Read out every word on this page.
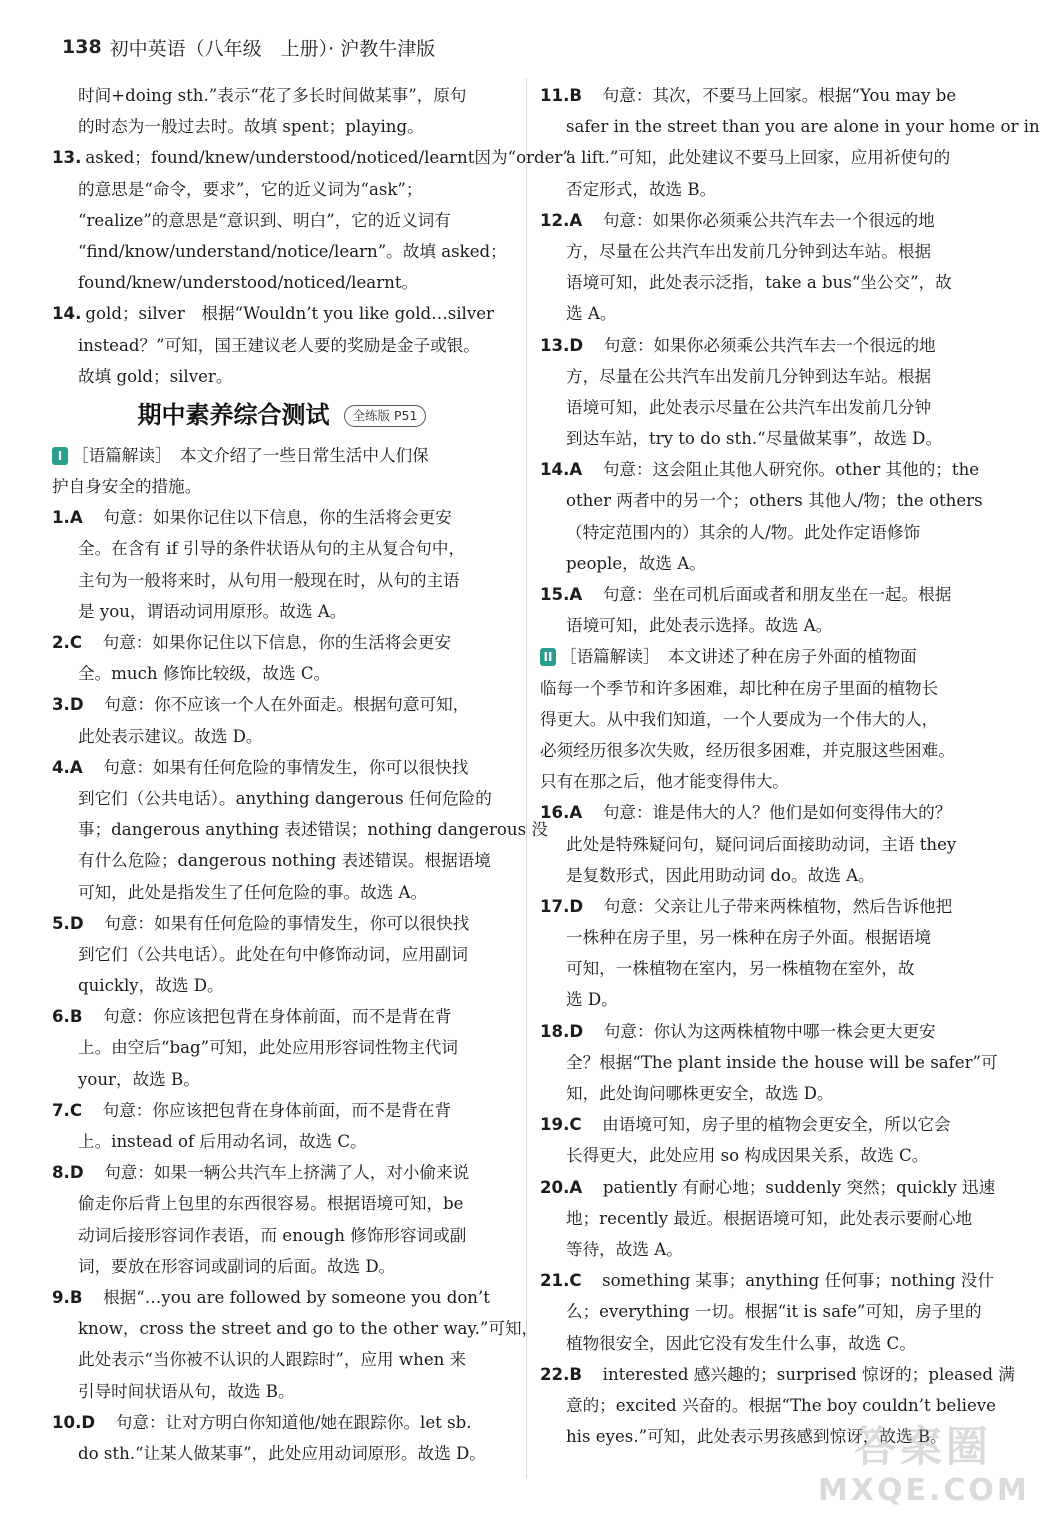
138 初中英语（八年级　上册）· 沪教牛津版
时间+doing sth.”表示“花了多长时间做某事”，原句
的时态为一般过去时。故填 spent；playing。
13. asked；found/knew/understood/noticed/learnt因为“order”
的意思是“命令，要求”，它的近义词为“ask”；
“realize”的意思是“意识到、明白”，它的近义词有
“find/know/understand/notice/learn”。故填 asked；
found/knew/understood/noticed/learnt。
14. gold；silver　根据“Wouldn’t you like gold…silver
instead？”可知，国王建议老人要的奖励是金子或银。
故填 gold；silver。
期中素养综合测试	全练版 P51
I ［语篇解读］　本文介绍了一些日常生活中人们保
护自身安全的措施。
1.A　句意：如果你记住以下信息，你的生活将会更安
全。在含有 if 引导的条件状语从句的主从复合句中，
主句为一般将来时，从句用一般现在时，从句的主语
是 you，谓语动词用原形。故选 A。
2.C　句意：如果你记住以下信息，你的生活将会更安
全。much 修饰比较级，故选 C。
3.D　句意：你不应该一个人在外面走。根据句意可知，
此处表示建议。故选 D。
4.A　句意：如果有任何危险的事情发生，你可以很快找
到它们（公共电话）。anything dangerous 任何危险的
事；dangerous anything 表述错误；nothing dangerous 没
有什么危险；dangerous nothing 表述错误。根据语境
可知，此处是指发生了任何危险的事。故选 A。
5.D　句意：如果有任何危险的事情发生，你可以很快找
到它们（公共电话）。此处在句中修饰动词，应用副词
quickly，故选 D。
6.B　句意：你应该把包背在身体前面，而不是背在背
上。由空后“bag”可知，此处应用形容词性物主代词
your，故选 B。
7.C　句意：你应该把包背在身体前面，而不是背在背
上。instead of 后用动名词，故选 C。
8.D　句意：如果一辆公共汽车上挤满了人，对小偷来说
偷走你后背上包里的东西很容易。根据语境可知，be
动词后接形容词作表语，而 enough 修饰形容词或副
词，要放在形容词或副词的后面。故选 D。
9.B　根据“…you are followed by someone you don’t
know，cross the street and go to the other way.”可知，
此处表示“当你被不认识的人跟踪时”，应用 when 来
引导时间状语从句，故选 B。
10.D　句意：让对方明白你知道他/她在跟踪你。let sb.
do sth.“让某人做某事”，此处应用动词原形。故选 D。
11.B　句意：其次，不要马上回家。根据“You may be
safer in the street than you are alone in your home or in
a lift.”可知，此处建议不要马上回家，应用祈使句的
否定形式，故选 B。
12.A　句意：如果你必须乘公共汽车去一个很远的地
方，尽量在公共汽车出发前几分钟到达车站。根据
语境可知，此处表示泛指，take a bus“坐公交”，故
选 A。
13.D　句意：如果你必须乘公共汽车去一个很远的地
方，尽量在公共汽车出发前几分钟到达车站。根据
语境可知，此处表示尽量在公共汽车出发前几分钟
到达车站，try to do sth.“尽量做某事”，故选 D。
14.A　句意：这会阻止其他人研究你。other 其他的；the
other 两者中的另一个；others 其他人/物；the others
（特定范围内的）其余的人/物。此处作定语修饰
people，故选 A。
15.A　句意：坐在司机后面或者和朋友坐在一起。根据
语境可知，此处表示选择。故选 A。
II ［语篇解读］　本文讲述了种在房子外面的植物面
临每一个季节和许多困难，却比种在房子里面的植物长
得更大。从中我们知道，一个人要成为一个伟大的人，
必须经历很多次失败，经历很多困难，并克服这些困难。
只有在那之后，他才能变得伟大。
16.A　句意：谁是伟大的人？他们是如何变得伟大的？
此处是特殊疑问句，疑问词后面接助动词，主语 they
是复数形式，因此用助动词 do。故选 A。
17.D　句意：父亲让儿子带来两株植物，然后告诉他把
一株种在房子里，另一株种在房子外面。根据语境
可知，一株植物在室内，另一株植物在室外，故
选 D。
18.D　句意：你认为这两株植物中哪一株会更大更安
全？根据“The plant inside the house will be safer”可
知，此处询问哪株更安全，故选 D。
19.C　由语境可知，房子里的植物会更安全，所以它会
长得更大，此处应用 so 构成因果关系，故选 C。
20.A　patiently 有耐心地；suddenly 突然；quickly 迅速
地；recently 最近。根据语境可知，此处表示要耐心地
等待，故选 A。
21.C　something 某事；anything 任何事；nothing 没什
么；everything 一切。根据“it is safe”可知，房子里的
植物很安全，因此它没有发生什么事，故选 C。
22.B　interested 感兴趣的；surprised 惊讶的；pleased 满
意的；excited 兴奋的。根据“The boy couldn’t believe
his eyes.”可知，此处表示男孩感到惊讶，故选 B。
答案圈
MXQE.COM
